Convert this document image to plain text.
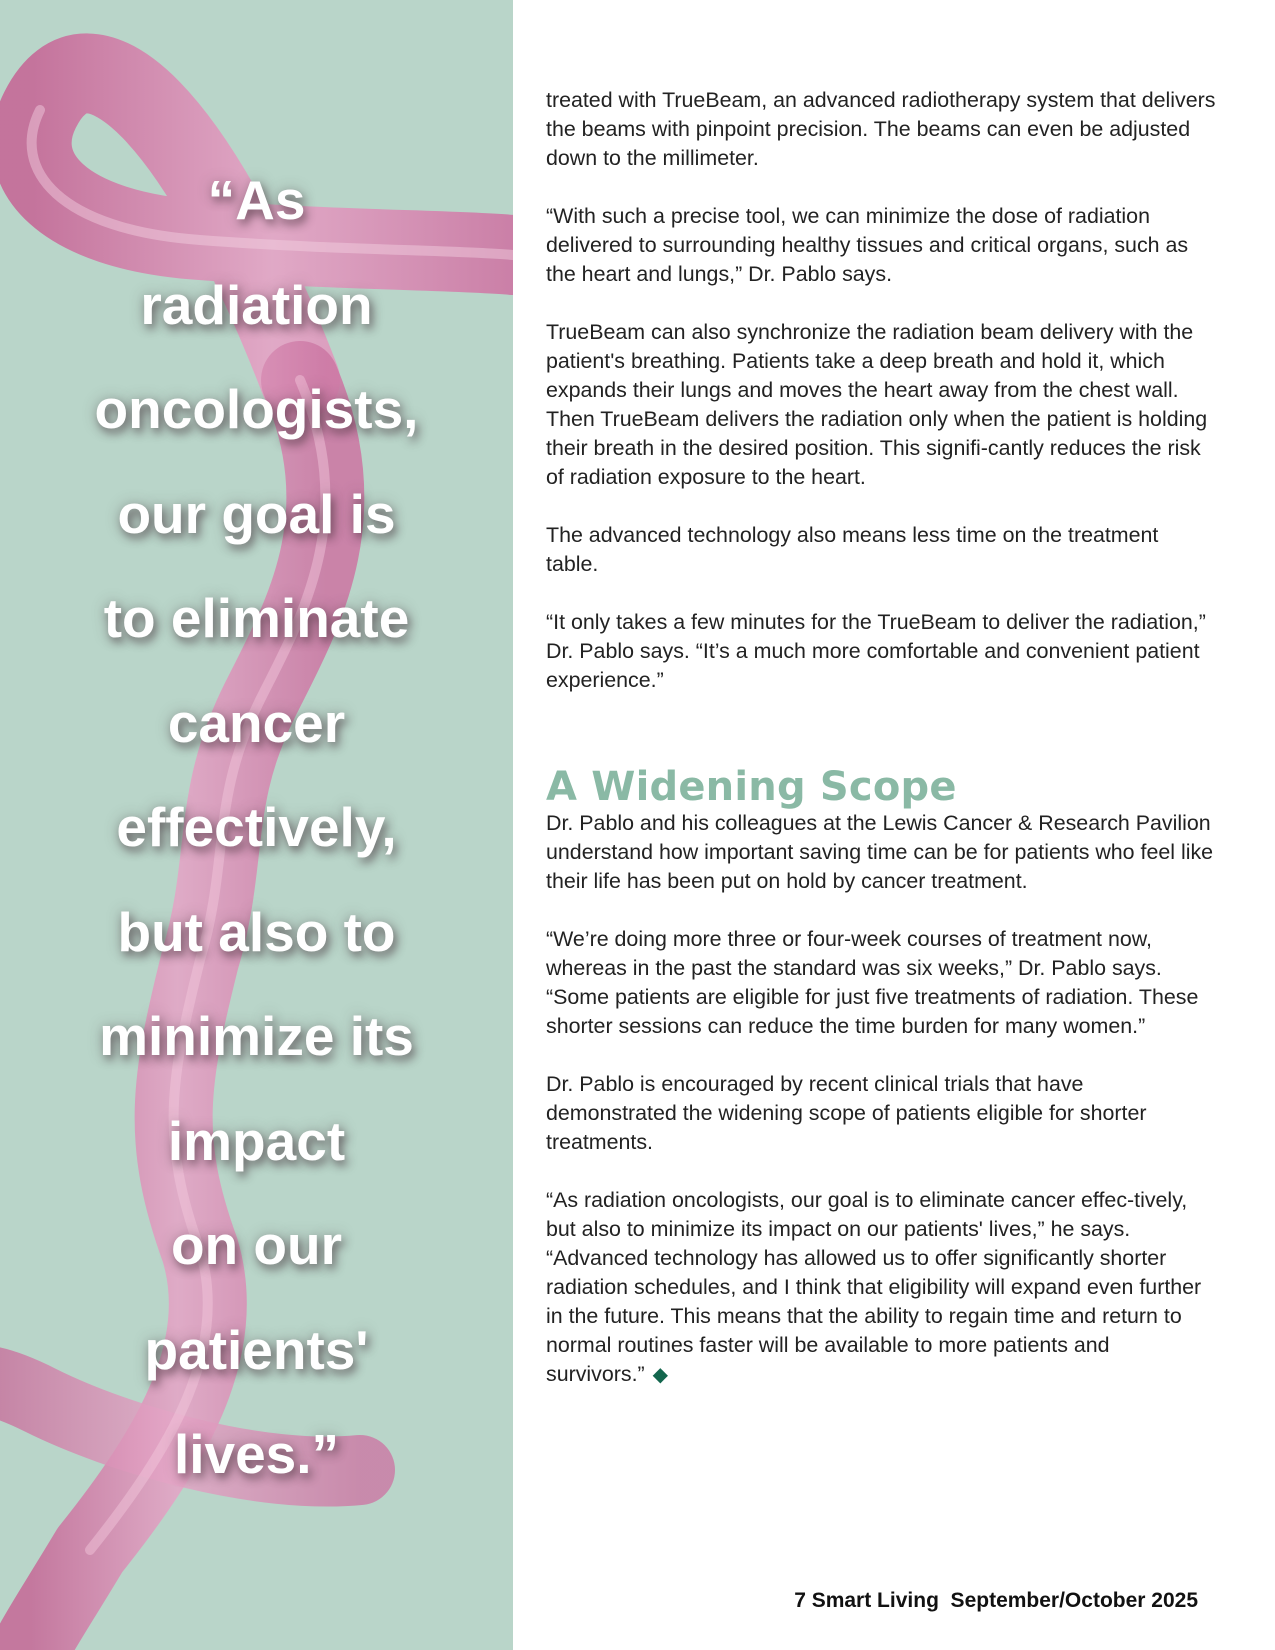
“As
radiation
oncologists,
our goal is
to eliminate
cancer
effectively,
but also to
minimize its
impact
on our
patients'
lives.”

treated with TrueBeam, an advanced radiotherapy system that delivers the beams with pinpoint precision. The beams can even be adjusted down to the millimeter.

“With such a precise tool, we can minimize the dose of radiation delivered to surrounding healthy tissues and critical organs, such as the heart and lungs,” Dr. Pablo says.

TrueBeam can also synchronize the radiation beam delivery with the patient's breathing. Patients take a deep breath and hold it, which expands their lungs and moves the heart away from the chest wall. Then TrueBeam delivers the radiation only when the patient is holding their breath in the desired position. This signifi-cantly reduces the risk of radiation exposure to the heart.

The advanced technology also means less time on the treatment table.

“It only takes a few minutes for the TrueBeam to deliver the radiation,” Dr. Pablo says. “It’s a much more comfortable and convenient patient experience.”

A Widening Scope

Dr. Pablo and his colleagues at the Lewis Cancer & Research Pavilion understand how important saving time can be for patients who feel like their life has been put on hold by cancer treatment.

“We’re doing more three or four-week courses of treatment now, whereas in the past the standard was six weeks,” Dr. Pablo says. “Some patients are eligible for just five treatments of radiation. These shorter sessions can reduce the time burden for many women.”

Dr. Pablo is encouraged by recent clinical trials that have demonstrated the widening scope of patients eligible for shorter treatments.

“As radiation oncologists, our goal is to eliminate cancer effec-tively, but also to minimize its impact on our patients' lives,” he says. “Advanced technology has allowed us to offer significantly shorter radiation schedules, and I think that eligibility will expand even further in the future. This means that the ability to regain time and return to normal routines faster will be available to more patients and survivors.” ◆

7 Smart Living  September/October 2025
